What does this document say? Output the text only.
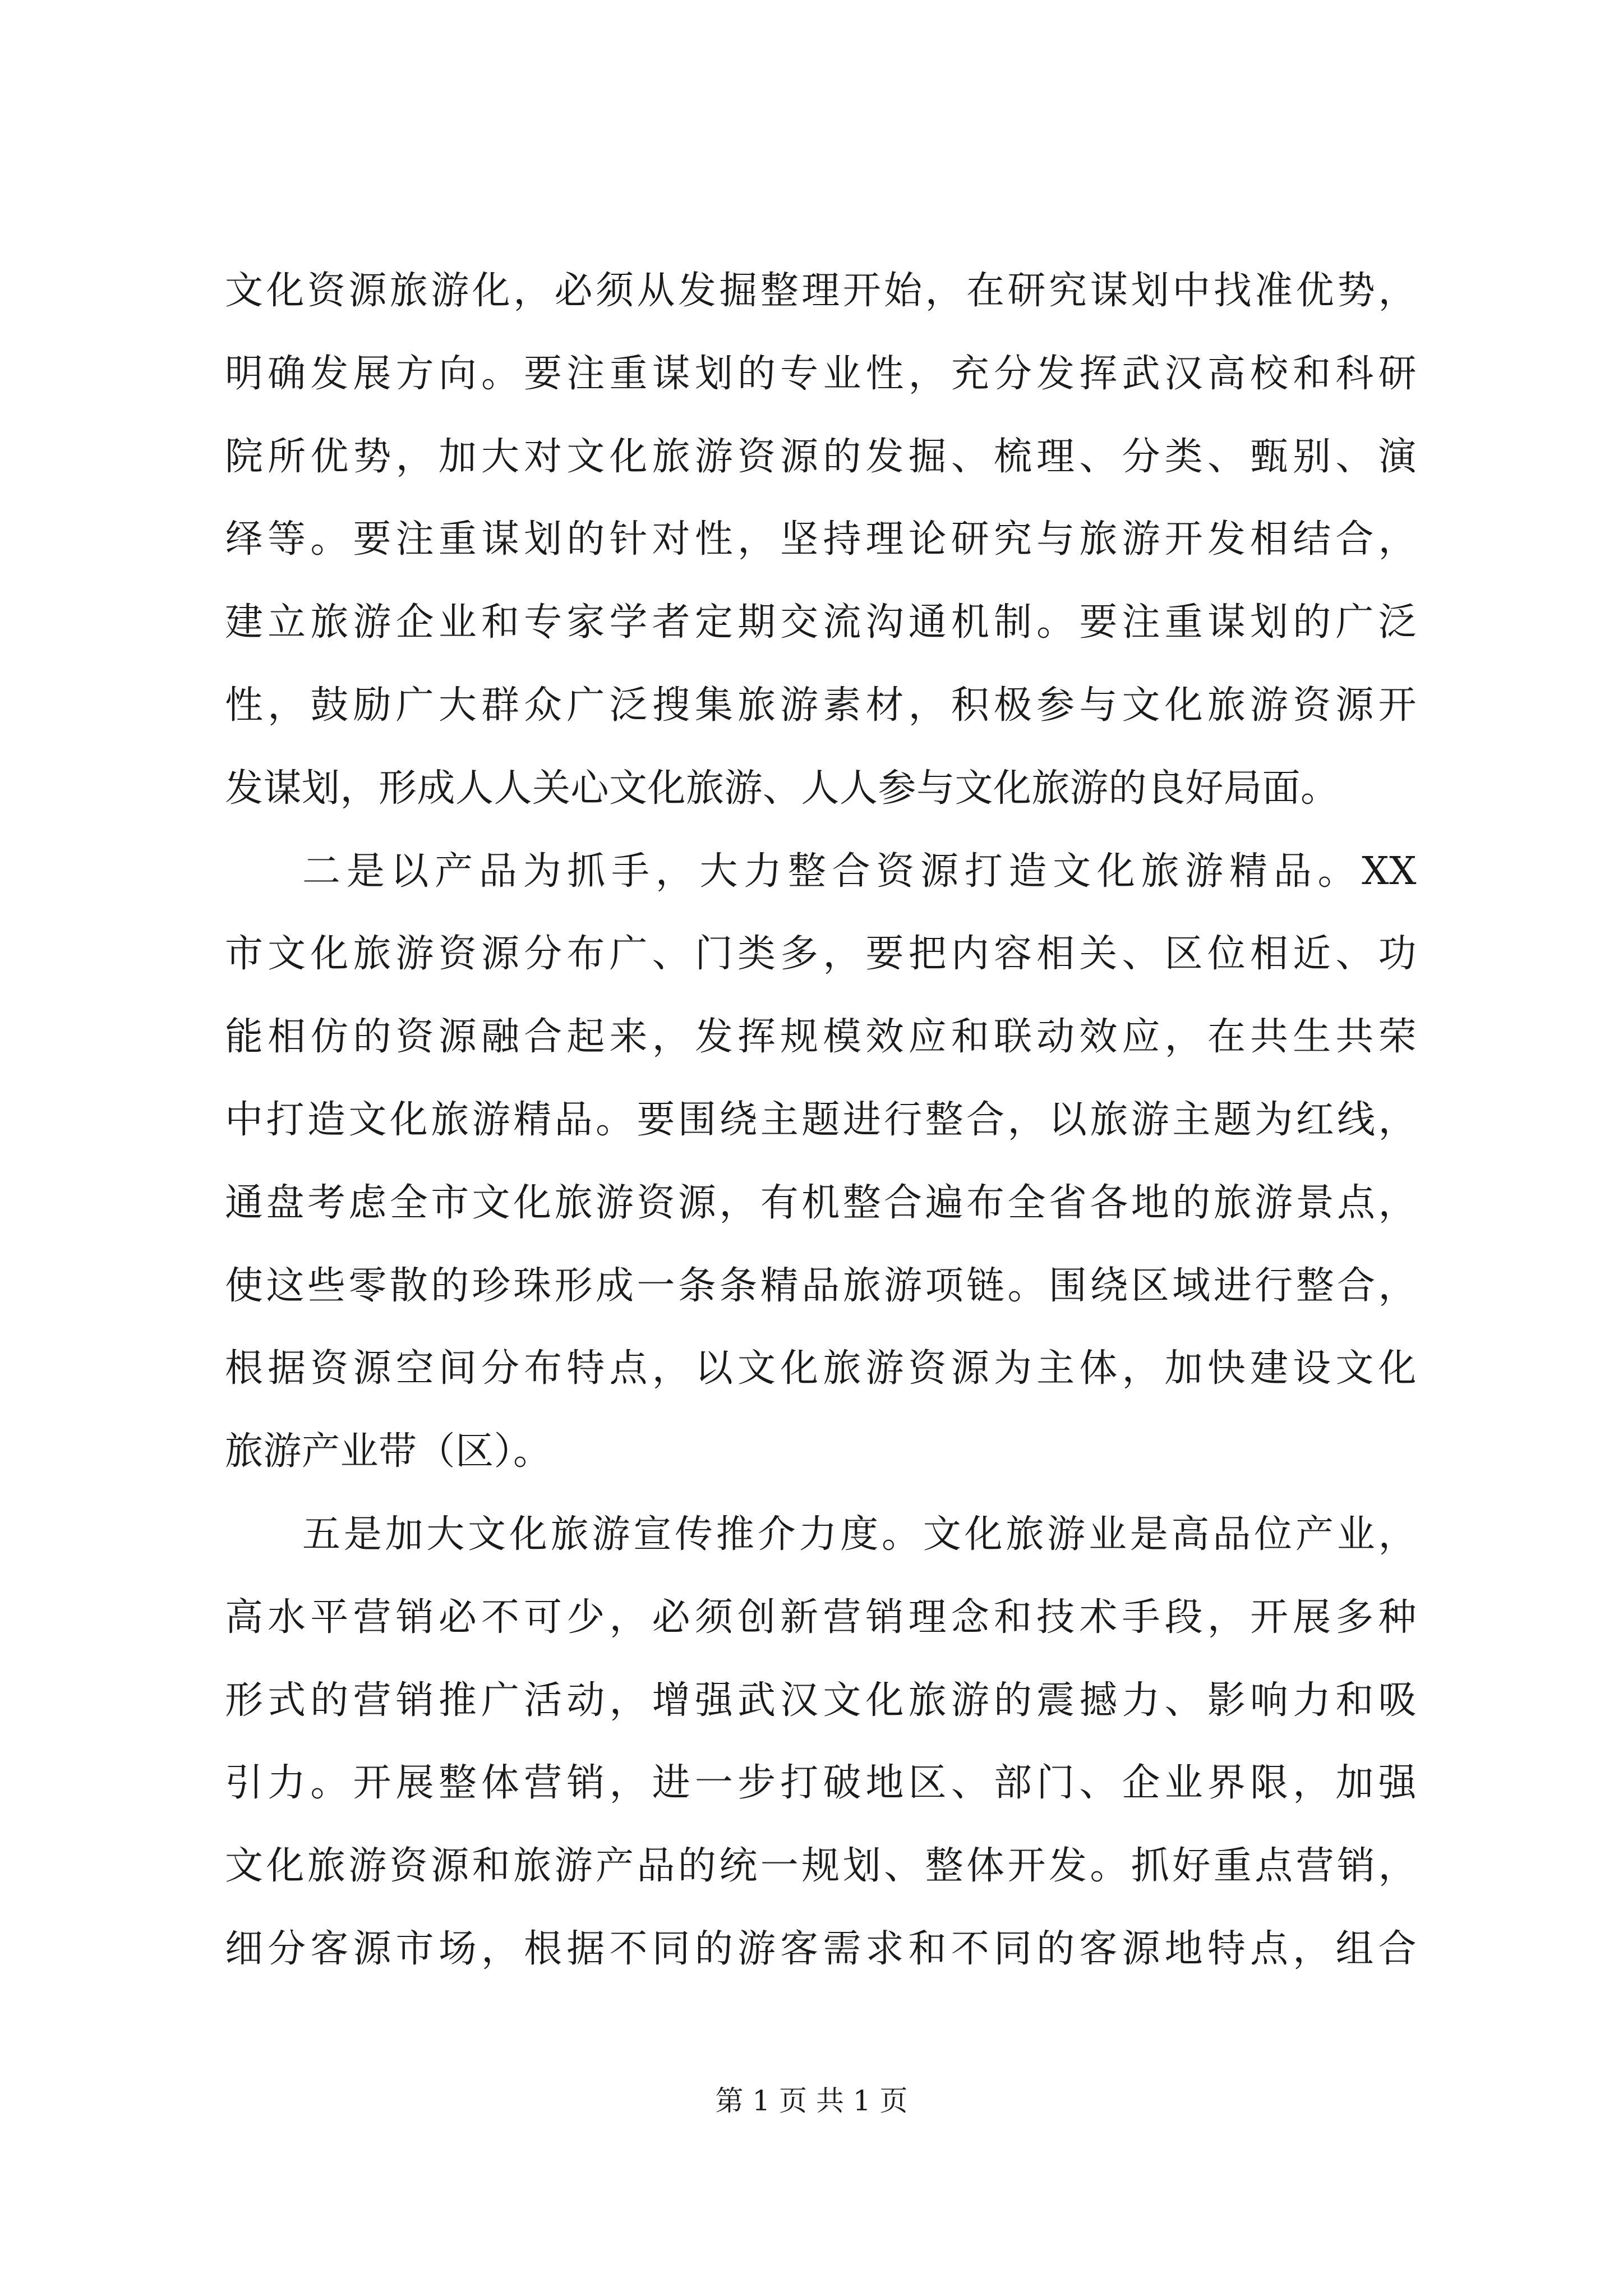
文化资源旅游化，必须从发掘整理开始，在研究谋划中找准优势，
明确发展方向。要注重谋划的专业性，充分发挥武汉高校和科研
院所优势，加大对文化旅游资源的发掘、梳理、分类、甄别、演
绎等。要注重谋划的针对性，坚持理论研究与旅游开发相结合，
建立旅游企业和专家学者定期交流沟通机制。要注重谋划的广泛
性，鼓励广大群众广泛搜集旅游素材，积极参与文化旅游资源开
发谋划，形成人人关心文化旅游、人人参与文化旅游的良好局面。
二是以产品为抓手，大力整合资源打造文化旅游精品。XX
市文化旅游资源分布广、门类多，要把内容相关、区位相近、功
能相仿的资源融合起来，发挥规模效应和联动效应，在共生共荣
中打造文化旅游精品。要围绕主题进行整合，以旅游主题为红线，
通盘考虑全市文化旅游资源，有机整合遍布全省各地的旅游景点，
使这些零散的珍珠形成一条条精品旅游项链。围绕区域进行整合，
根据资源空间分布特点，以文化旅游资源为主体，加快建设文化
旅游产业带（区）。
五是加大文化旅游宣传推介力度。文化旅游业是高品位产业，
高水平营销必不可少，必须创新营销理念和技术手段，开展多种
形式的营销推广活动，增强武汉文化旅游的震撼力、影响力和吸
引力。开展整体营销，进一步打破地区、部门、企业界限，加强
文化旅游资源和旅游产品的统一规划、整体开发。抓好重点营销，
细分客源市场，根据不同的游客需求和不同的客源地特点，组合
第 1 页 共 1 页
